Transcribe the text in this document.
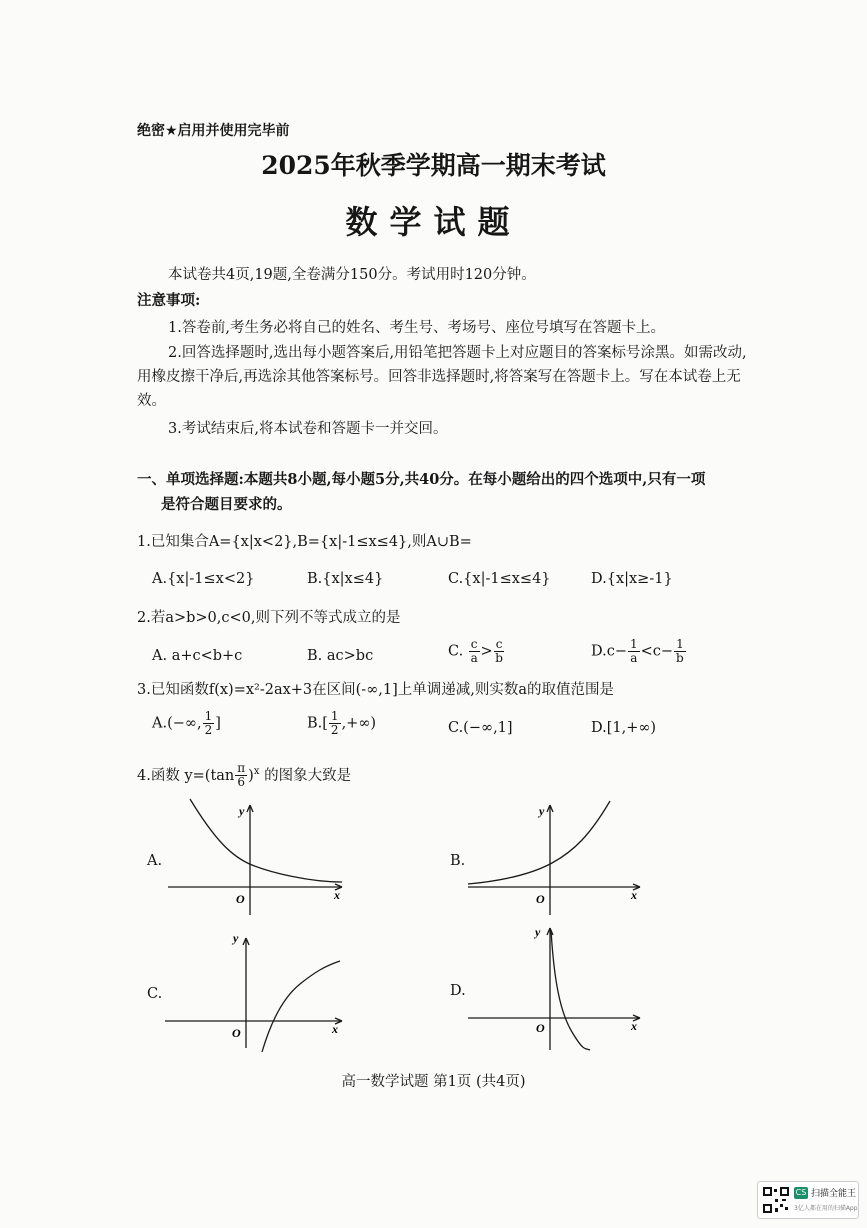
绝密★启用并使用完毕前
2025年秋季学期高一期末考试
数学试题
本试卷共4页,19题,全卷满分150分。考试用时120分钟。
注意事项:
1.答卷前,考生务必将自己的姓名、考生号、考场号、座位号填写在答题卡上。
2.回答选择题时,选出每小题答案后,用铅笔把答题卡上对应题目的答案标号涂黑。如需改动,用橡皮擦干净后,再选涂其他答案标号。回答非选择题时,将答案写在答题卡上。写在本试卷上无效。
3.考试结束后,将本试卷和答题卡一并交回。
一、单项选择题:本题共8小题,每小题5分,共40分。在每小题给出的四个选项中,只有一项
是符合题目要求的。
1.已知集合A={x|x<2},B={x|-1≤x≤4},则A∪B=
A.{x|-1≤x<2}	B.{x|x≤4}	C.{x|-1≤x≤4}	D.{x|x≥-1}
2.若a>b>0,c<0,则下列不等式成立的是
A. a+c<b+c	B. ac>bc	C. $\frac{c}{a} > \frac{c}{b}$	$D.c- \frac{1}{a} <c- \frac{1}{b}$
3.已知函数f(x)=x²-2ax+3在区间(-∞,1]上单调递减,则实数a的取值范围是
A.(−∞, $\frac{1}{2}$ ]	$B.[ \frac{1}{2}$ ,+∞)	C.(−∞,1]	D.[1,+∞)
4.函数 $y=(\tan \frac{\pi}{6} )^x$ 的图象大致是
A.	B.
C.	D.
y
x
O
y
x
O
y
x
O
y
x
O
高一数学试题 第1页 (共4页)
CS 扫描全能王
3亿人都在用的扫描App
